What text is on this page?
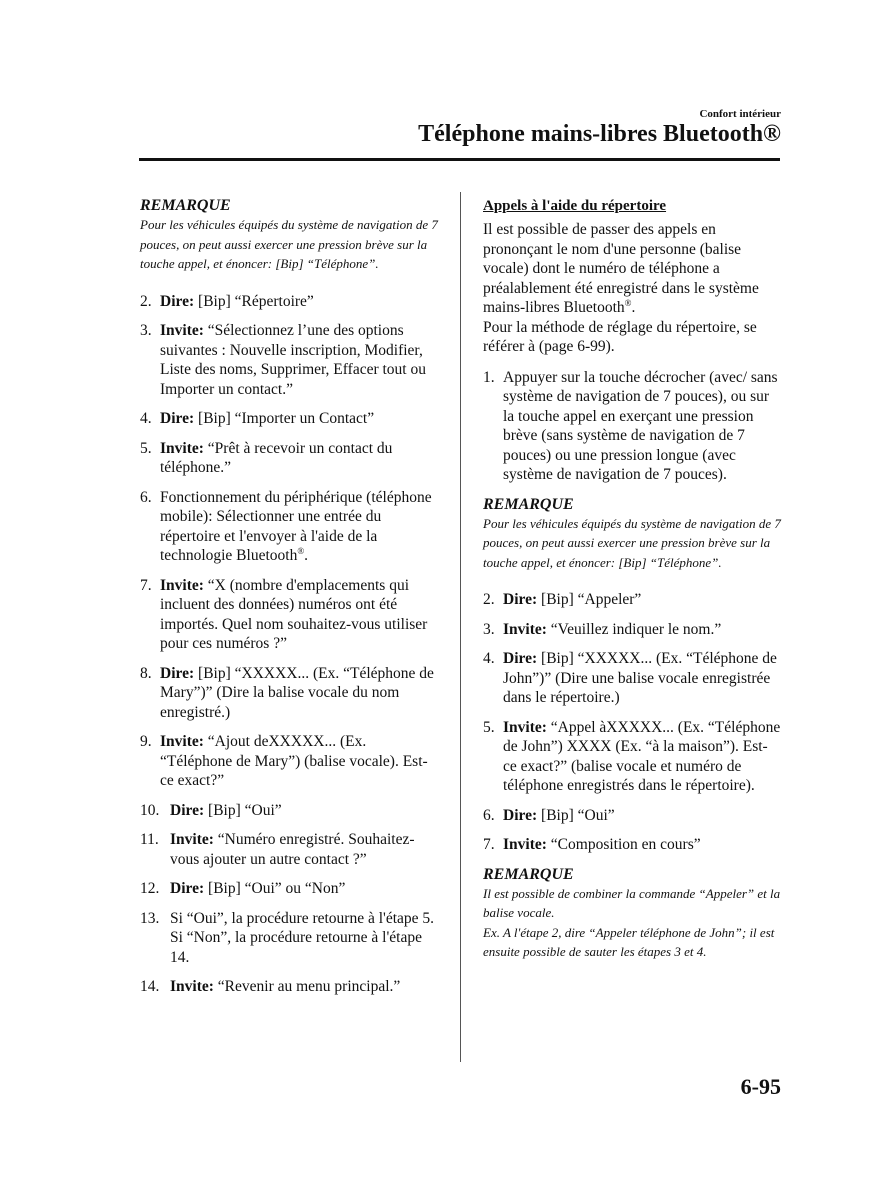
Confort intérieur
Téléphone mains-libres Bluetooth®

REMARQUE

Pour les véhicules équipés du système de navigation de 7 pouces, on peut aussi exercer une pression brève sur la touche appel, et énoncer: [Bip] “Téléphone”.

2. Dire: [Bip] “Répertoire”
3. Invite: “Sélectionnez l’une des options suivantes : Nouvelle inscription, Modifier, Liste des noms, Supprimer, Effacer tout ou Importer un contact.”
4. Dire: [Bip] “Importer un Contact”
5. Invite: “Prêt à recevoir un contact du téléphone.”
6. Fonctionnement du périphérique (téléphone mobile): Sélectionner une entrée du répertoire et l'envoyer à l'aide de la technologie Bluetooth®.
7. Invite: “X (nombre d'emplacements qui incluent des données) numéros ont été importés. Quel nom souhaitez-vous utiliser pour ces numéros ?”
8. Dire: [Bip] “XXXXX... (Ex. “Téléphone de Mary”)” (Dire la balise vocale du nom enregistré.)
9. Invite: “Ajout deXXXXX... (Ex. “Téléphone de Mary”) (balise vocale). Est-ce exact?”
10. Dire: [Bip] “Oui”
11. Invite: “Numéro enregistré. Souhaitez-vous ajouter un autre contact ?”
12. Dire: [Bip] “Oui” ou “Non”
13. Si “Oui”, la procédure retourne à l'étape 5.
Si “Non”, la procédure retourne à l'étape 14.
14. Invite: “Revenir au menu principal.”

Appels à l'aide du répertoire

Il est possible de passer des appels en prononçant le nom d'une personne (balise vocale) dont le numéro de téléphone a préalablement été enregistré dans le système mains-libres Bluetooth®.
Pour la méthode de réglage du répertoire, se référer à (page 6-99).

1. Appuyer sur la touche décrocher (avec/ sans système de navigation de 7 pouces), ou sur la touche appel en exerçant une pression brève (sans système de navigation de 7 pouces) ou une pression longue (avec système de navigation de 7 pouces).

REMARQUE

Pour les véhicules équipés du système de navigation de 7 pouces, on peut aussi exercer une pression brève sur la touche appel, et énoncer: [Bip] “Téléphone”.

2. Dire: [Bip] “Appeler”
3. Invite: “Veuillez indiquer le nom.”
4. Dire: [Bip] “XXXXX... (Ex. “Téléphone de John”)” (Dire une balise vocale enregistrée dans le répertoire.)
5. Invite: “Appel àXXXXX... (Ex. “Téléphone de John”) XXXX (Ex. “à la maison”). Est-ce exact?” (balise vocale et numéro de téléphone enregistrés dans le répertoire).
6. Dire: [Bip] “Oui”
7. Invite: “Composition en cours”

REMARQUE

Il est possible de combiner la commande “Appeler” et la balise vocale.
Ex. A l'étape 2, dire “Appeler téléphone de John”; il est ensuite possible de sauter les étapes 3 et 4.

6-95
